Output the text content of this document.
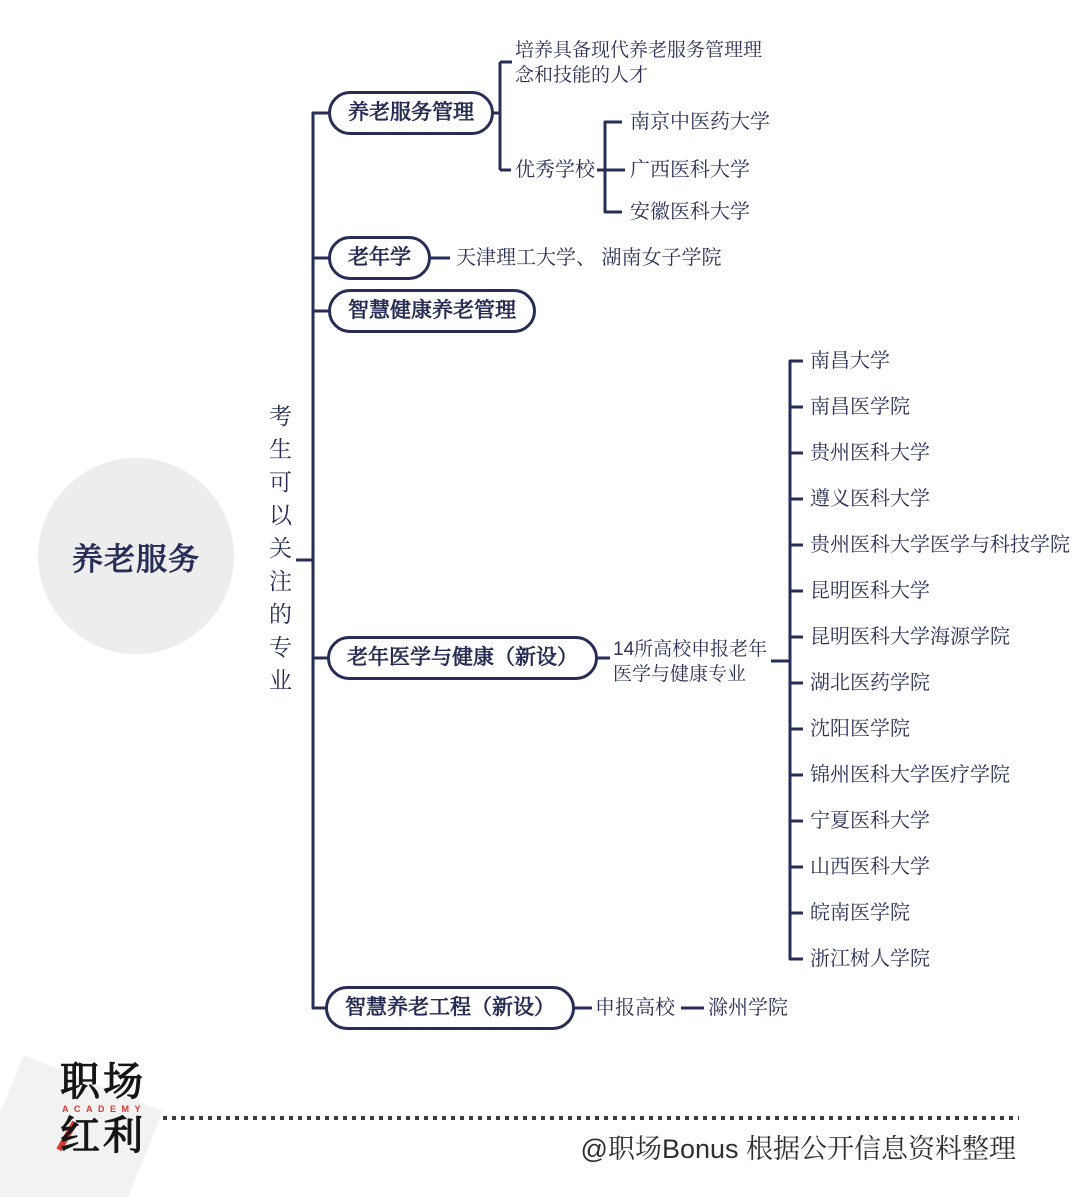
养老服务	考生可以关注的专业
养老服务管理
老年学
智慧健康养老管理
老年医学与健康（新设）
智慧养老工程（新设）
培养具备现代养老服务管理理念和技能的人才
优秀学校
南京中医药大学
广西医科大学
安徽医科大学
天津理工大学、 湖南女子学院
14所高校申报老年医学与健康专业
南昌大学
南昌医学院
贵州医科大学
遵义医科大学
贵州医科大学医学与科技学院
昆明医科大学
昆明医科大学海源学院
湖北医药学院
沈阳医学院
锦州医科大学医疗学院
宁夏医科大学
山西医科大学
皖南医学院
浙江树人学院
申报高校 滁州学院
职场
ACADEMY
红利	@职场Bonus 根据公开信息资料整理
